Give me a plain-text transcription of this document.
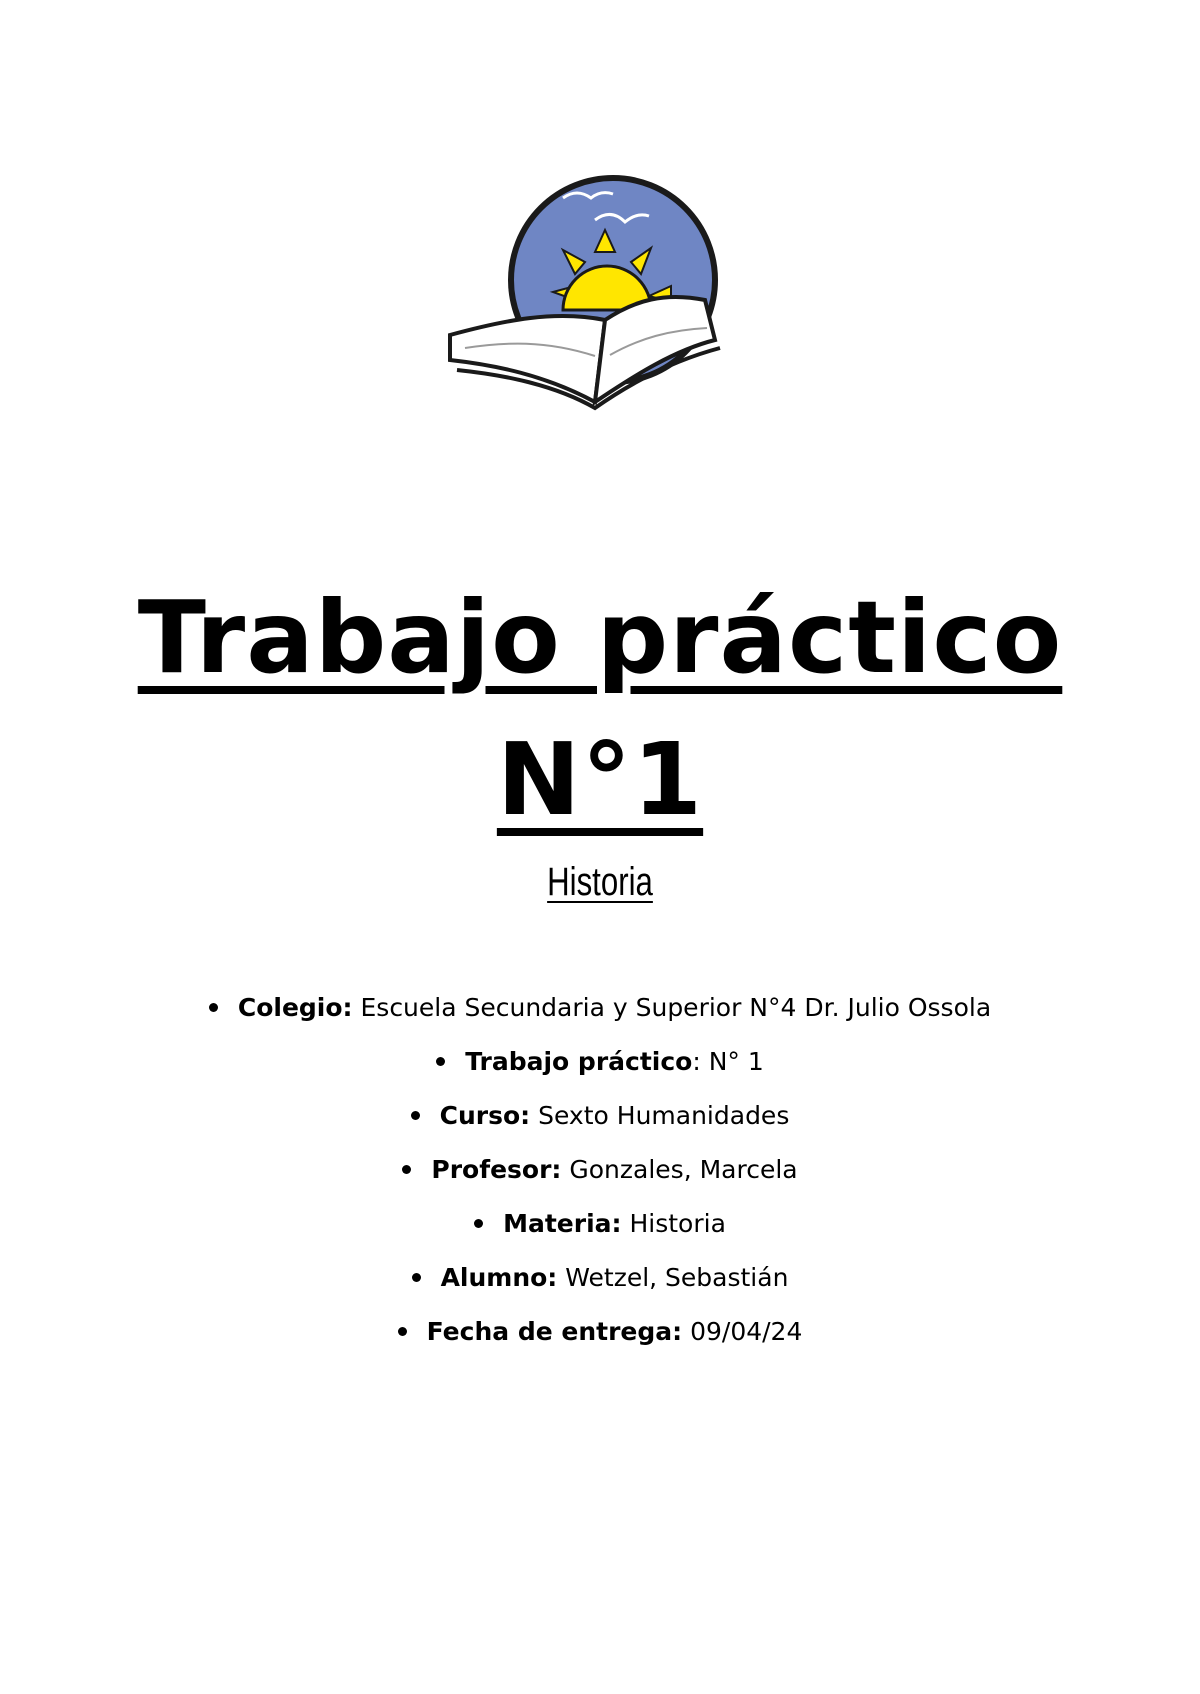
Trabajo práctico
N°1
Historia
Colegio: Escuela Secundaria y Superior N°4 Dr. Julio Ossola
Trabajo práctico: N° 1
Curso: Sexto Humanidades
Profesor: Gonzales, Marcela
Materia: Historia
Alumno: Wetzel, Sebastián
Fecha de entrega: 09/04/24
